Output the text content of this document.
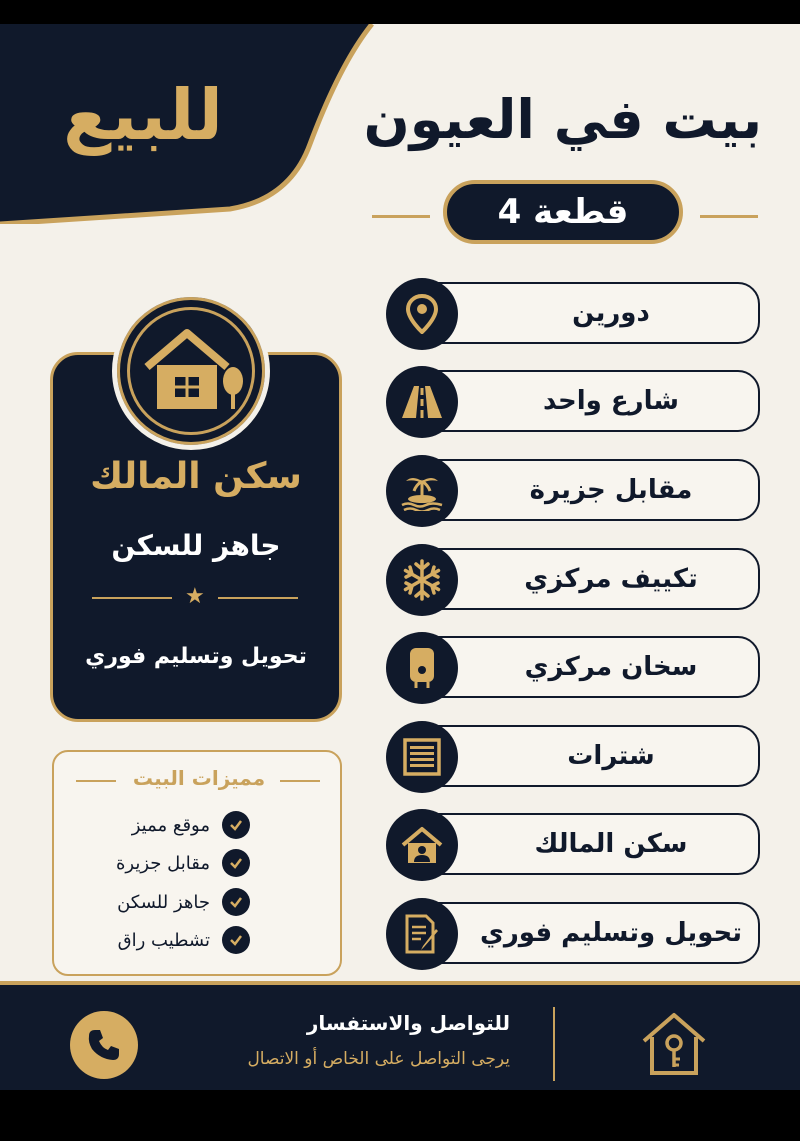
للبيع	بيت في العيون
قطعة 4
سكن المالك
جاهز للسكن
★
تحويل وتسليم فوري
مميزات البيت
موقع مميز
مقابل جزيرة
جاهز للسكن
تشطيب راق
دورين
شارع واحد
مقابل جزيرة
تكييف مركزي
سخان مركزي
شترات
سكن المالك
تحويل وتسليم فوري
للتواصل والاستفسار
يرجى التواصل على الخاص أو الاتصال
